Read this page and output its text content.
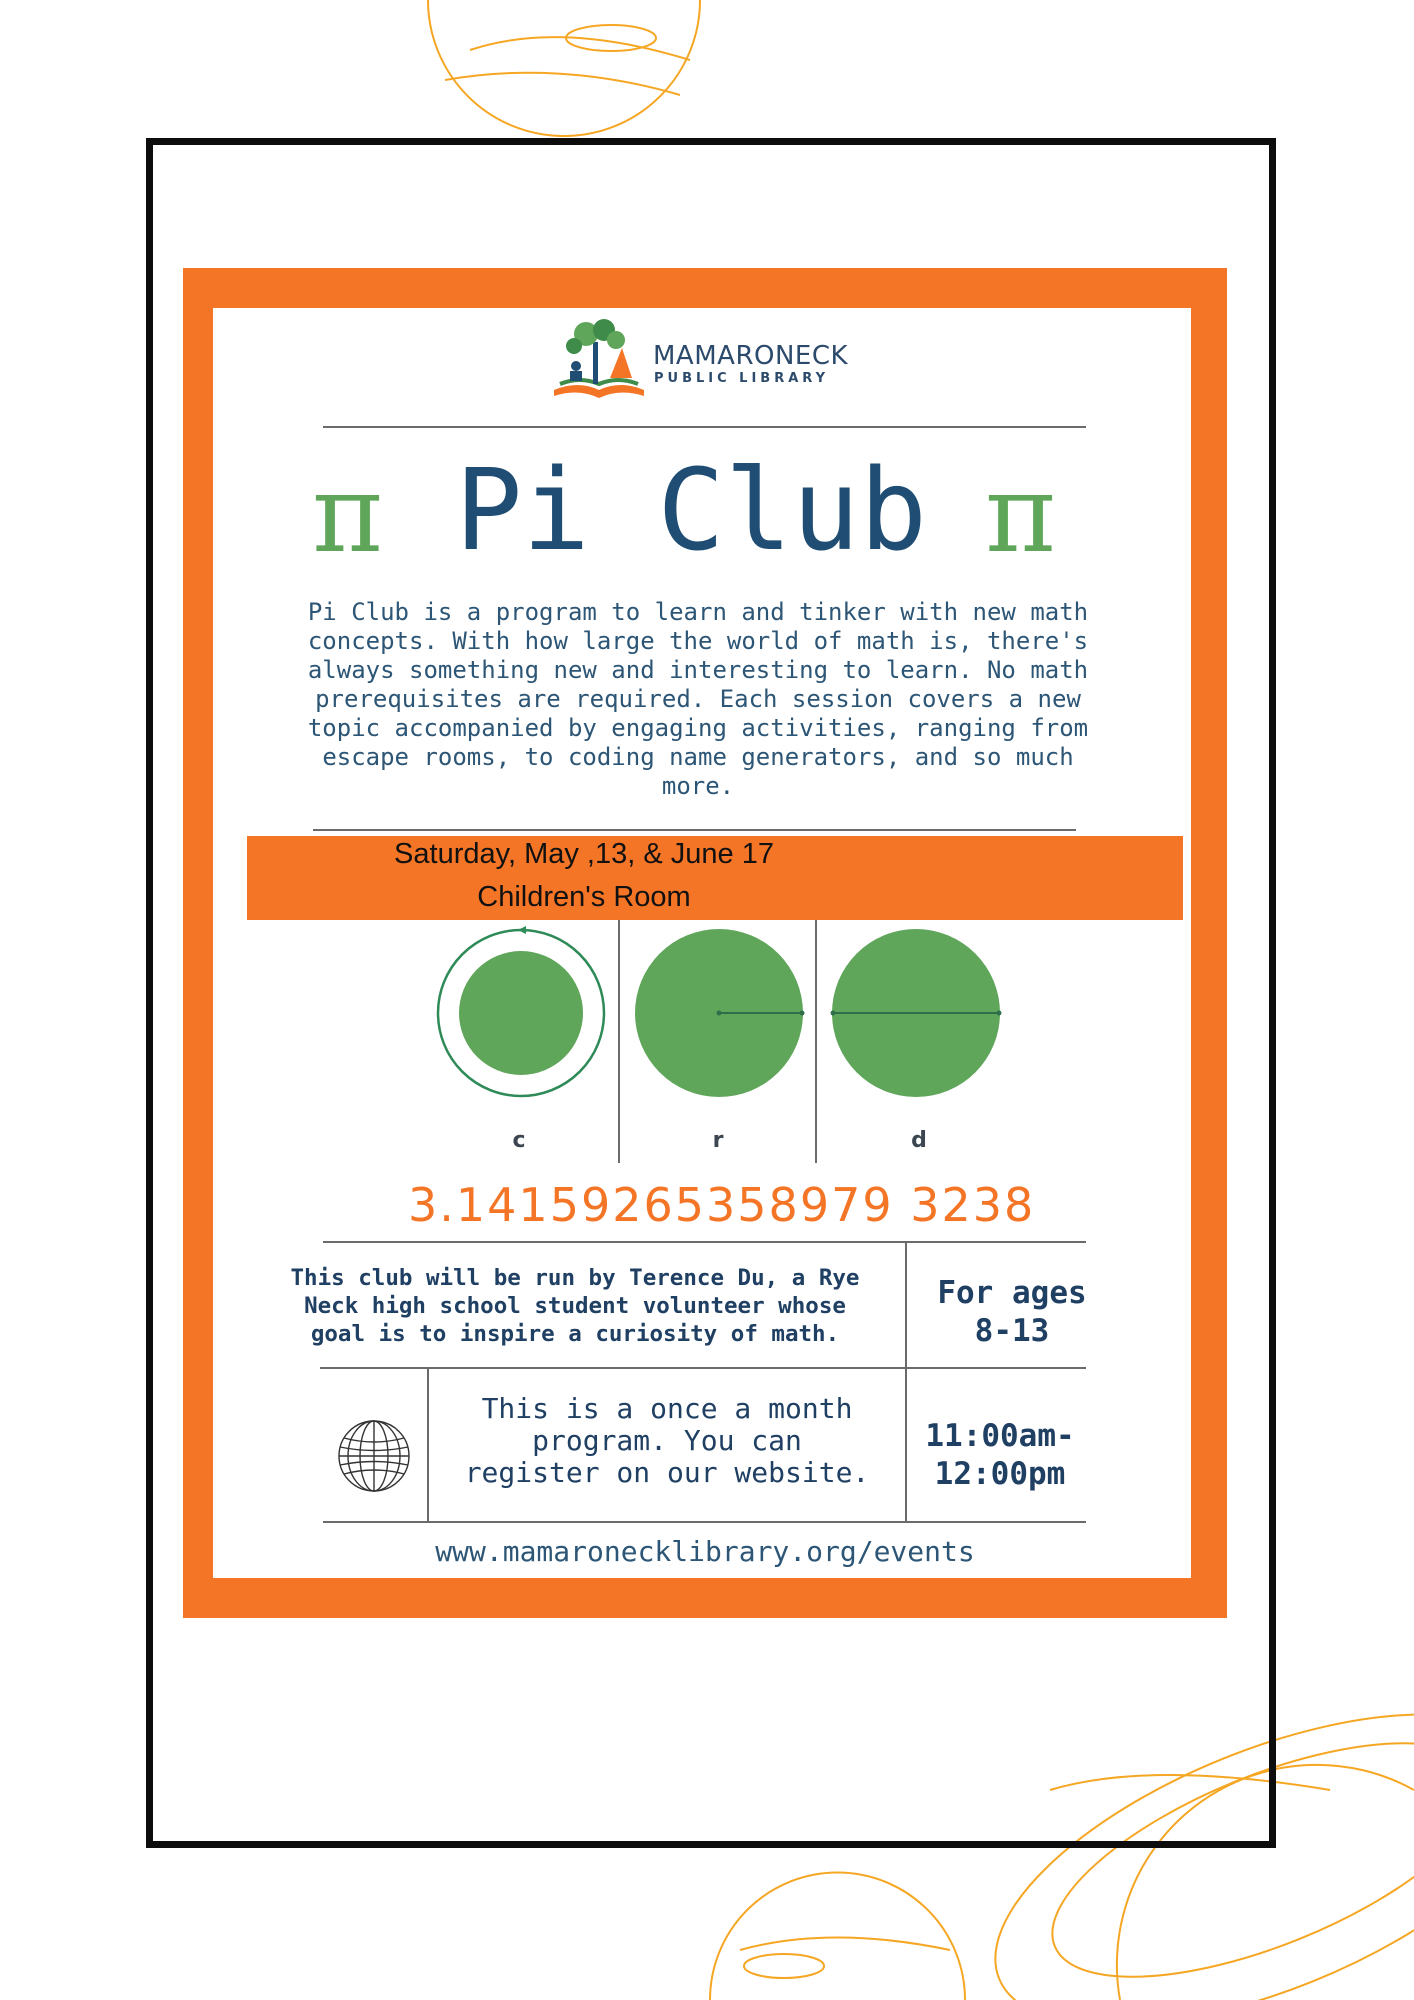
MAMARONECK
PUBLIC LIBRARY
π Pi Club π
Pi Club is a program to learn and tinker with new math
concepts. With how large the world of math is, there's
always something new and interesting to learn. No math
prerequisites are required. Each session covers a new
topic accompanied by engaging activities, ranging from
escape rooms, to coding name generators, and so much
more.
Saturday, May ,13, & June 17
Children's Room
c	r	d
3.14159265358979 3238
This club will be run by Terence Du, a Rye
Neck high school student volunteer whose
goal is to inspire a curiosity of math.
For ages
8-13
This is a once a month
program. You can
register on our website.
11:00am-
12:00pm
www.mamaronecklibrary.org/events
